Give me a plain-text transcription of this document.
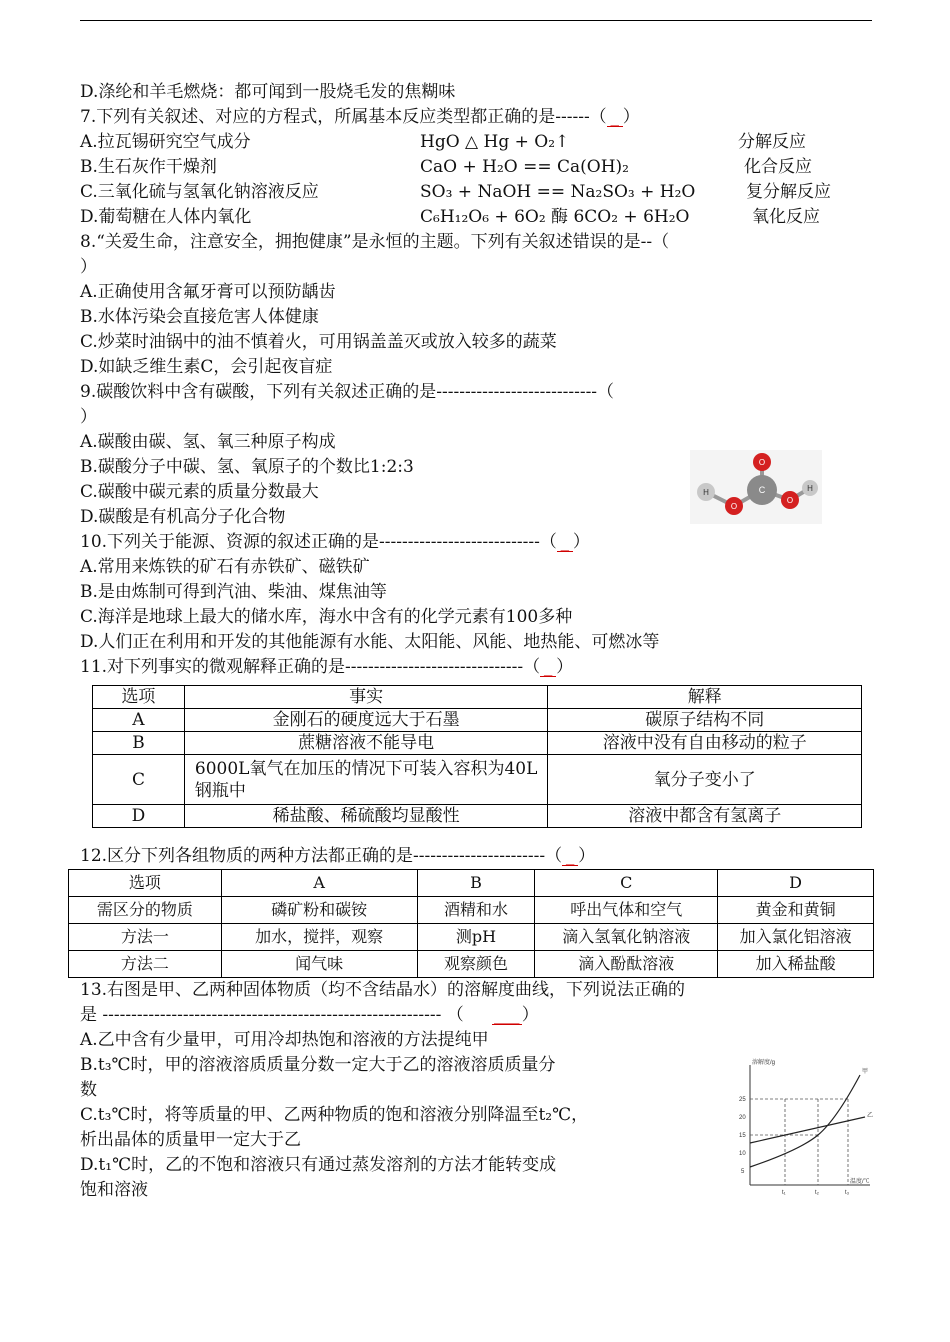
D.涤纶和羊毛燃烧：都可闻到一股烧毛发的焦糊味
7.下列有关叙述、对应的方程式，所属基本反应类型都正确的是------（ _ ）
A.拉瓦锡研究空气成分	HgO △ Hg + O₂↑	分解反应
B.生石灰作干燥剂	CaO + H₂O == Ca(OH)₂	化合反应
C.三氧化硫与氢氧化钠溶液反应	SO₃ + NaOH == Na₂SO₃ + H₂O	复分解反应
D.葡萄糖在人体内氧化	C₆H₁₂O₆ + 6O₂ 酶 6CO₂ + 6H₂O	氧化反应
8.“关爱生命，注意安全，拥抱健康”是永恒的主题。下列有关叙述错误的是--（
）
A.正确使用含氟牙膏可以预防龋齿
B.水体污染会直接危害人体健康
C.炒菜时油锅中的油不慎着火，可用锅盖盖灭或放入较多的蔬菜
D.如缺乏维生素C，会引起夜盲症
9.碳酸饮料中含有碳酸，下列有关叙述正确的是----------------------------（
）
A.碳酸由碳、氢、氧三种原子构成
B.碳酸分子中碳、氢、氧原子的个数比1:2:3
C.碳酸中碳元素的质量分数最大
D.碳酸是有机高分子化合物
10.下列关于能源、资源的叙述正确的是----------------------------（ _ ）
A.常用来炼铁的矿石有赤铁矿、磁铁矿
B.是由炼制可得到汽油、柴油、煤焦油等
C.海洋是地球上最大的储水库，海水中含有的化学元素有100多种
D.人们正在利用和开发的其他能源有水能、太阳能、风能、地热能、可燃冰等
11.对下列事实的微观解释正确的是-------------------------------（ _ ）
O
C
O
O
H	H
选项	事实	解释
A	金刚石的硬度远大于石墨	碳原子结构不同
B	蔗糖溶液不能导电	溶液中没有自由移动的粒子
C	6000L氧气在加压的情况下可装入容积为40L钢瓶中	氧分子变小了
D	稀盐酸、稀硫酸均显酸性	溶液中都含有氢离子
12.区分下列各组物质的两种方法都正确的是-----------------------（ _ ）
选项	A	B	C	D
需区分的物质	磷矿粉和碳铵	酒精和水	呼出气体和空气	黄金和黄铜
方法一	加水，搅拌，观察	测pH	滴入氢氧化钠溶液	加入氯化铝溶液
方法二	闻气味	观察颜色	滴入酚酞溶液	加入稀盐酸
13.右图是甲、乙两种固体物质（均不含结晶水）的溶解度曲线，下列说法正确的
是 ----------------------------------------------------------- （ ___ ）
A.乙中含有少量甲，可用冷却热饱和溶液的方法提纯甲
B.t₃℃时，甲的溶液溶质质量分数一定大于乙的溶液溶质质量分
数
C.t₃℃时，将等质量的甲、乙两种物质的饱和溶液分别降温至t₂℃，
析出晶体的质量甲一定大于乙
D.t₁℃时，乙的不饱和溶液只有通过蒸发溶剂的方法才能转变成
饱和溶液
溶解度/g
温度/℃
25
20
15
10
5
甲
乙
t₁	t₂	t₃
